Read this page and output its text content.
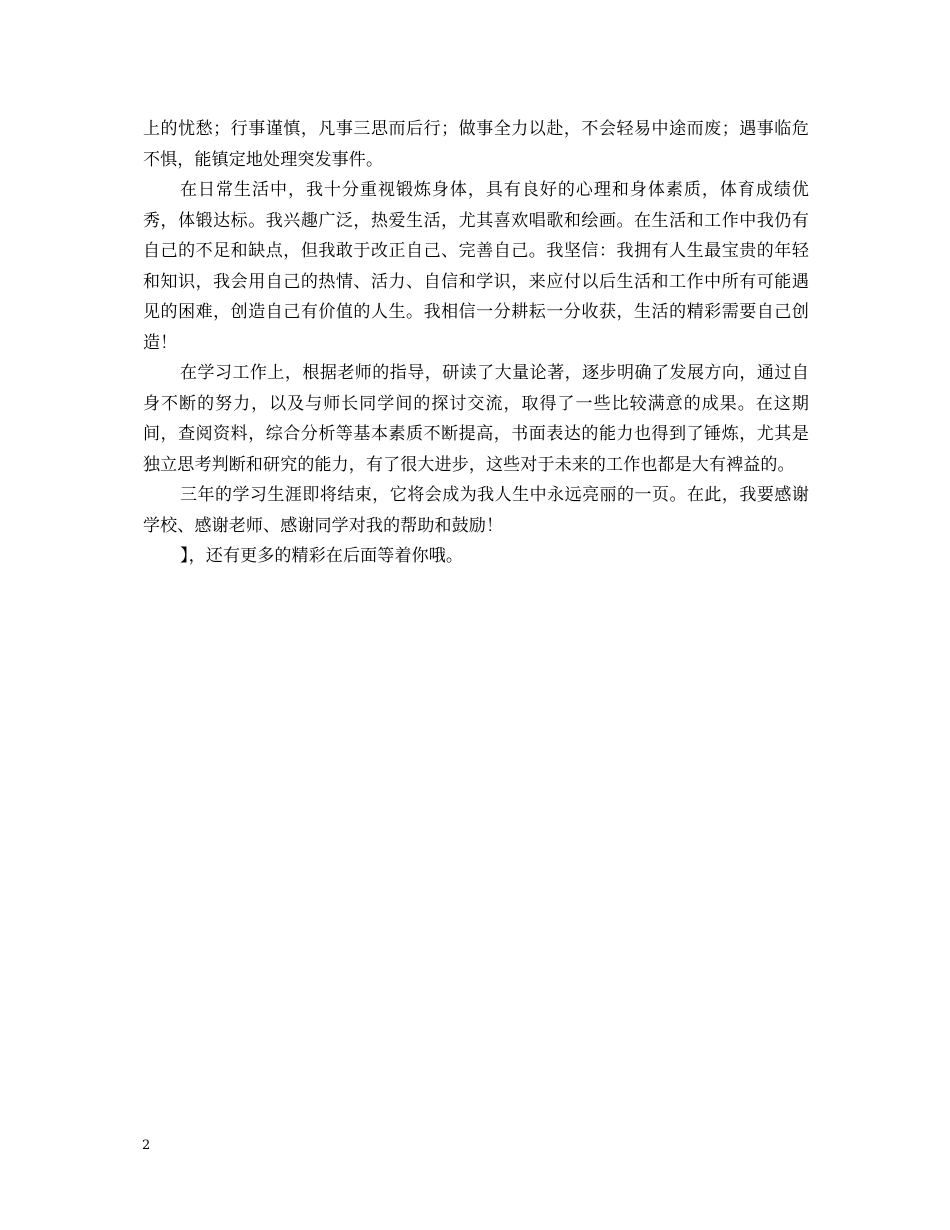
上的忧愁；行事谨慎，凡事三思而后行；做事全力以赴，不会轻易中途而废；遇事临危不惧，能镇定地处理突发事件。

在日常生活中，我十分重视锻炼身体，具有良好的心理和身体素质，体育成绩优秀，体锻达标。我兴趣广泛，热爱生活，尤其喜欢唱歌和绘画。在生活和工作中我仍有自己的不足和缺点，但我敢于改正自己、完善自己。我坚信：我拥有人生最宝贵的年轻和知识，我会用自己的热情、活力、自信和学识，来应付以后生活和工作中所有可能遇见的困难，创造自己有价值的人生。我相信一分耕耘一分收获，生活的精彩需要自己创造！

在学习工作上，根据老师的指导，研读了大量论著，逐步明确了发展方向，通过自身不断的努力，以及与师长同学间的探讨交流，取得了一些比较满意的成果。在这期间，查阅资料，综合分析等基本素质不断提高，书面表达的能力也得到了锤炼，尤其是独立思考判断和研究的能力，有了很大进步，这些对于未来的工作也都是大有裨益的。

三年的学习生涯即将结束，它将会成为我人生中永远亮丽的一页。在此，我要感谢学校、感谢老师、感谢同学对我的帮助和鼓励！

】，还有更多的精彩在后面等着你哦。

2
